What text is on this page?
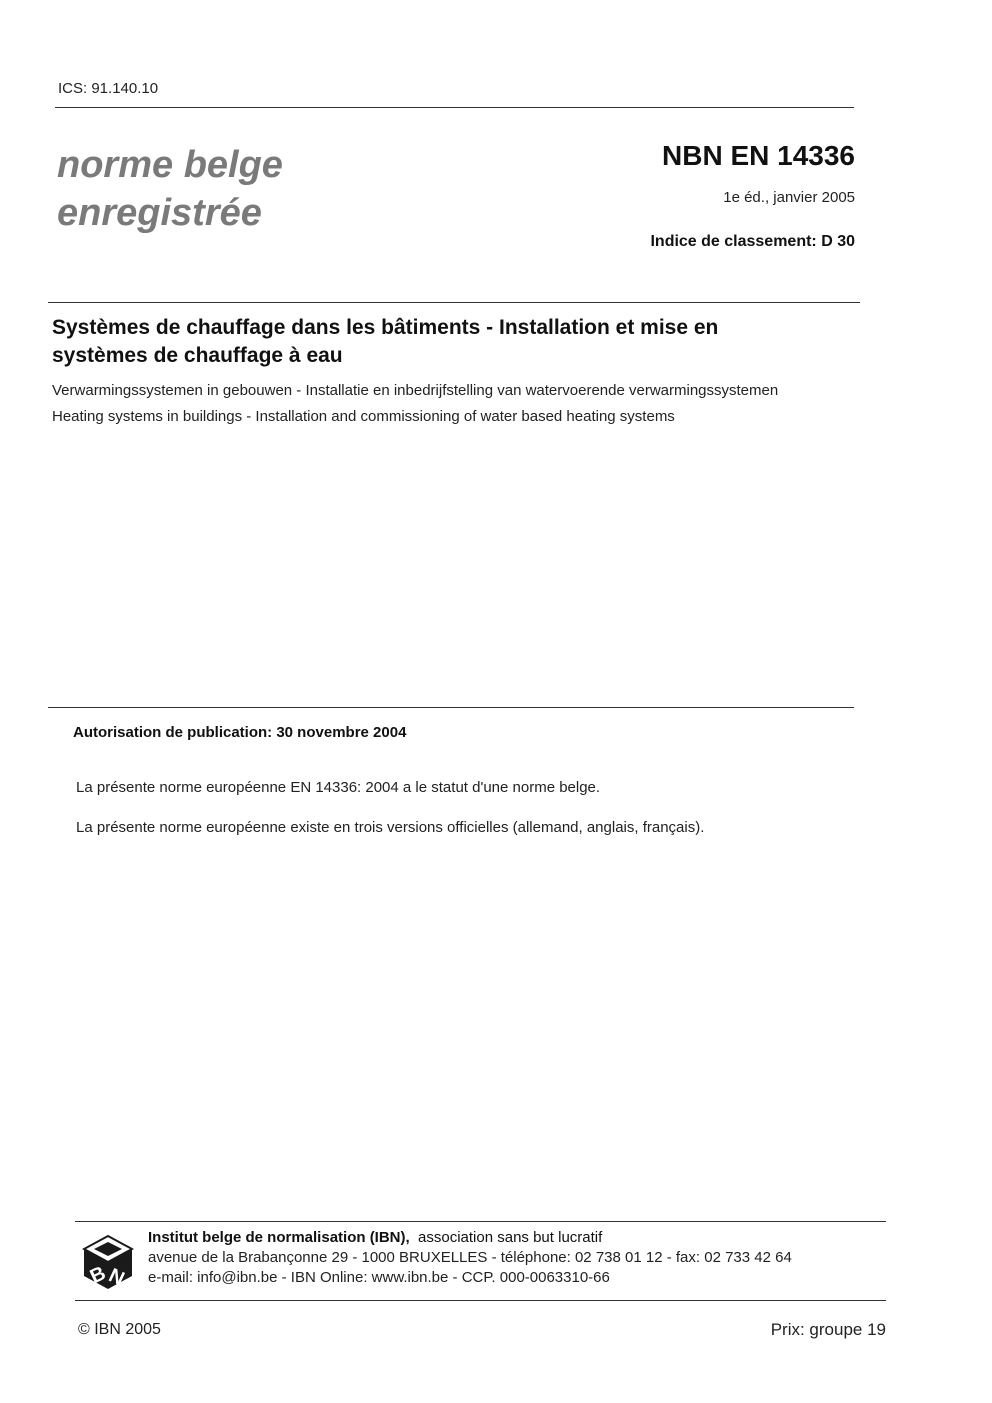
ICS: 91.140.10
norme belge
enregistrée
NBN EN 14336
1e éd., janvier 2005
Indice de classement: D 30
Systèmes de chauffage dans les bâtiments - Installation et mise en
systèmes de chauffage à eau
Verwarmingssystemen in gebouwen - Installatie en inbedrijfstelling van watervoerende verwarmingssystemen
Heating systems in buildings - Installation and commissioning of water based heating systems
Autorisation de publication: 30 novembre 2004
La présente norme européenne EN 14336: 2004 a le statut d'une norme belge.
La présente norme européenne existe en trois versions officielles (allemand, anglais, français).
B
N
Institut belge de normalisation (IBN), association sans but lucratif
avenue de la Brabançonne 29 - 1000 BRUXELLES - téléphone: 02 738 01 12 - fax: 02 733 42 64
e-mail: info@ibn.be - IBN Online: www.ibn.be - CCP. 000-0063310-66
© IBN 2005	Prix: groupe 19
